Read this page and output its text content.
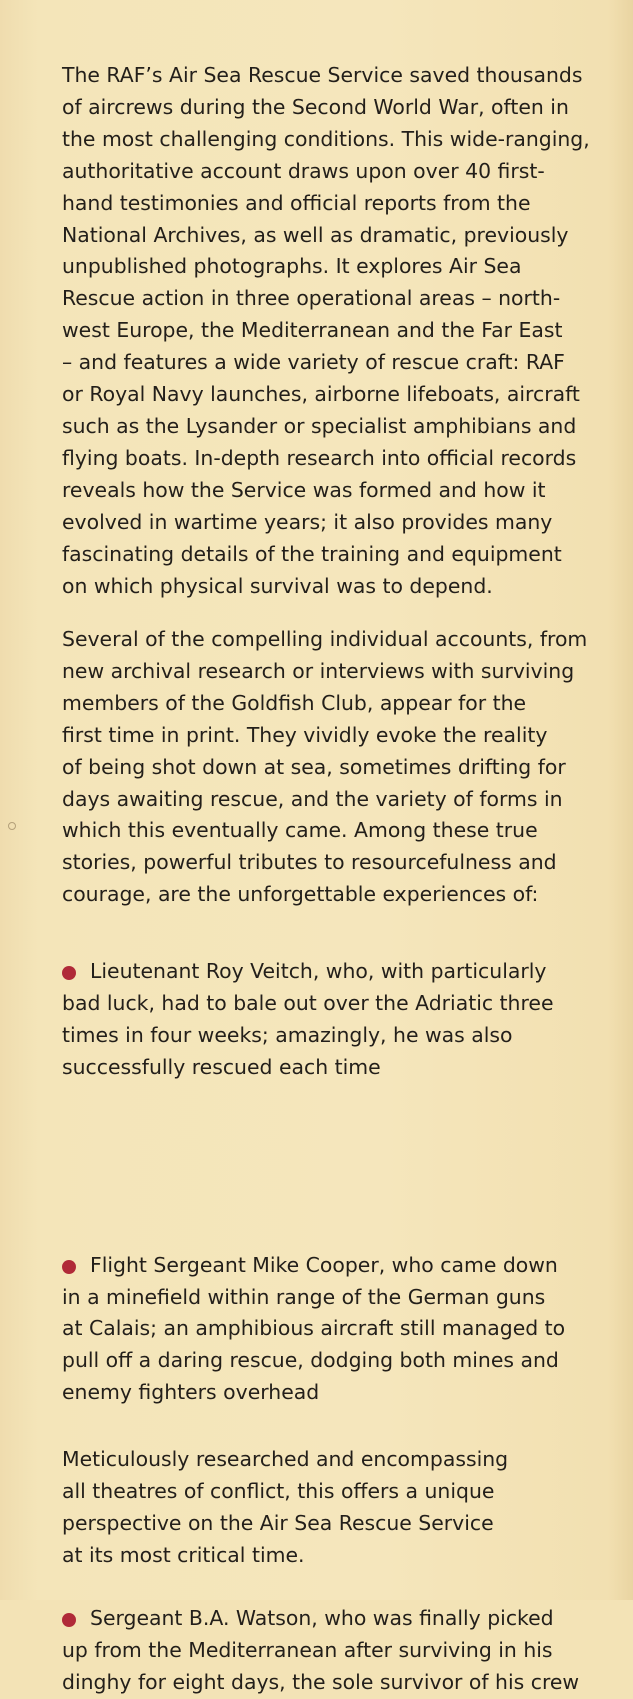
The RAF’s Air Sea Rescue Service saved thousands
of aircrews during the Second World War, often in
the most challenging conditions. This wide-ranging,
authoritative account draws upon over 40 first-
hand testimonies and official reports from the
National Archives, as well as dramatic, previously
unpublished photographs. It explores Air Sea
Rescue action in three operational areas – north-
west Europe, the Mediterranean and the Far East
– and features a wide variety of rescue craft: RAF
or Royal Navy launches, airborne lifeboats, aircraft
such as the Lysander or specialist amphibians and
flying boats. In-depth research into official records
reveals how the Service was formed and how it
evolved in wartime years; it also provides many
fascinating details of the training and equipment
on which physical survival was to depend.
Several of the compelling individual accounts, from
new archival research or interviews with surviving
members of the Goldfish Club, appear for the
first time in print. They vividly evoke the reality
of being shot down at sea, sometimes drifting for
days awaiting rescue, and the variety of forms in
which this eventually came. Among these true
stories, powerful tributes to resourcefulness and
courage, are the unforgettable experiences of:
Lieutenant Roy Veitch, who, with particularly
bad luck, had to bale out over the Adriatic three
times in four weeks; amazingly, he was also
successfully rescued each time
Flight Sergeant Mike Cooper, who came down
in a minefield within range of the German guns
at Calais; an amphibious aircraft still managed to
pull off a daring rescue, dodging both mines and
enemy fighters overhead
Sergeant B.A. Watson, who was finally picked
up from the Mediterranean after surviving in his
dinghy for eight days, the sole survivor of his crew
Meticulously researched and encompassing
all theatres of conflict, this offers a unique
perspective on the Air Sea Rescue Service
at its most critical time.
